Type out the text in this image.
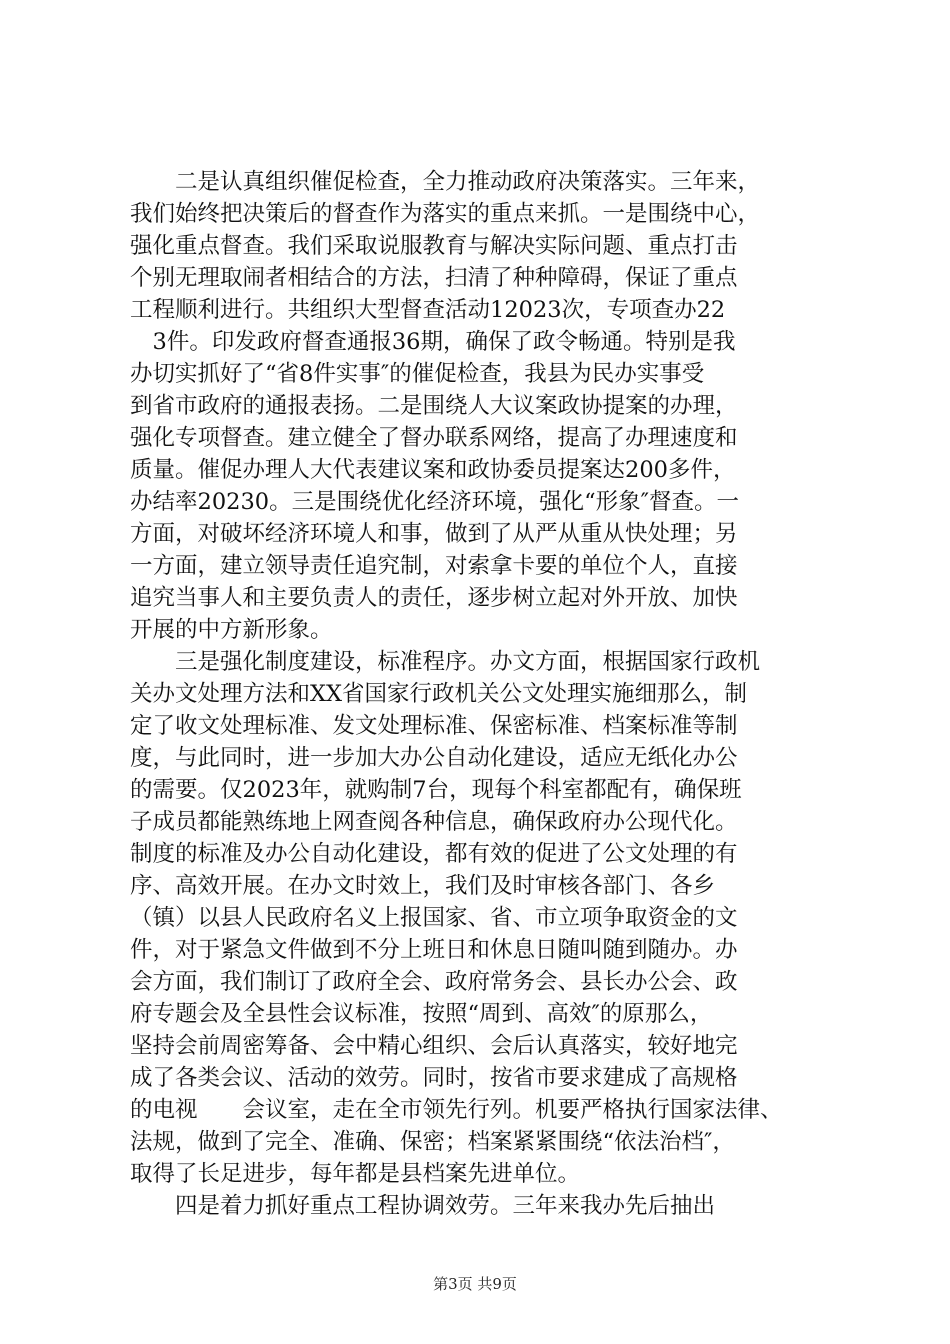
　　二是认真组织催促检查，全力推动政府决策落实。三年来，
我们始终把决策后的督查作为落实的重点来抓。一是围绕中心，
强化重点督查。我们采取说服教育与解决实际问题、重点打击
个别无理取闹者相结合的方法，扫清了种种障碍，保证了重点
工程顺利进行。共组织大型督查活动12023次，专项查办22
　3件。印发政府督查通报36期，确保了政令畅通。特别是我
办切实抓好了“省8件实事″的催促检查，我县为民办实事受
到省市政府的通报表扬。二是围绕人大议案政协提案的办理，
强化专项督查。建立健全了督办联系网络，提高了办理速度和
质量。催促办理人大代表建议案和政协委员提案达200多件，
办结率20230。三是围绕优化经济环境，强化“形象″督查。一
方面，对破坏经济环境人和事，做到了从严从重从快处理；另
一方面，建立领导责任追究制，对索拿卡要的单位个人，直接
追究当事人和主要负责人的责任，逐步树立起对外开放、加快
开展的中方新形象。
　　三是强化制度建设，标准程序。办文方面，根据国家行政机
关办文处理方法和XX省国家行政机关公文处理实施细那么，制
定了收文处理标准、发文处理标准、保密标准、档案标准等制
度，与此同时，进一步加大办公自动化建设，适应无纸化办公
的需要。仅2023年，就购制7台，现每个科室都配有，确保班
子成员都能熟练地上网查阅各种信息，确保政府办公现代化。
制度的标准及办公自动化建设，都有效的促进了公文处理的有
序、高效开展。在办文时效上，我们及时审核各部门、各乡
（镇）以县人民政府名义上报国家、省、市立项争取资金的文
件，对于紧急文件做到不分上班日和休息日随叫随到随办。办
会方面，我们制订了政府全会、政府常务会、县长办公会、政
府专题会及全县性会议标准，按照“周到、高效″的原那么，
坚持会前周密筹备、会中精心组织、会后认真落实，较好地完
成了各类会议、活动的效劳。同时，按省市要求建成了高规格
的电视　　会议室，走在全市领先行列。机要严格执行国家法律、
法规，做到了完全、准确、保密；档案紧紧围绕“依法治档″，
取得了长足进步，每年都是县档案先进单位。
　　四是着力抓好重点工程协调效劳。三年来我办先后抽出
第3页 共9页
